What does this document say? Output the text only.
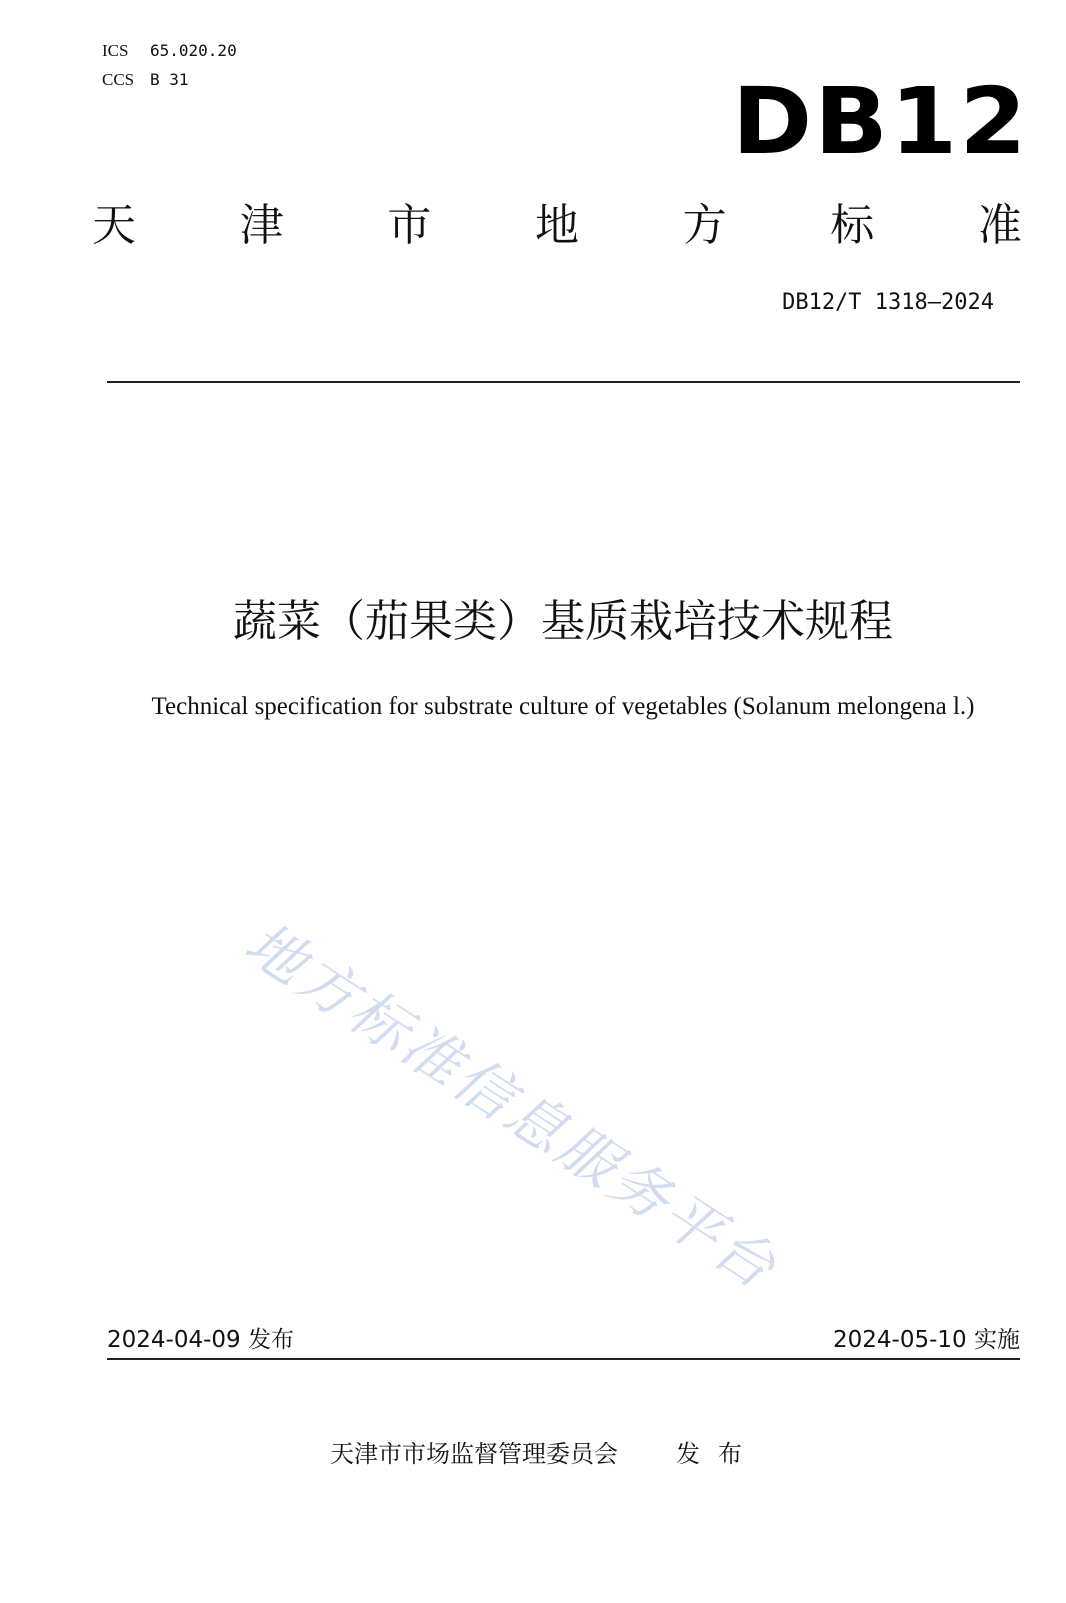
ICS	65.020.20
CCS B 31	DB12
天 津 市 地 方 标 准
DB12/T 1318—2024
蔬菜（茄果类）基质栽培技术规程
Technical specification for substrate culture of vegetables (Solanum melongena l.)
地方标准信息服务平台
2024-04-09 发布	2024-05-10 实施
天津市市场监督管理委员会 发布
